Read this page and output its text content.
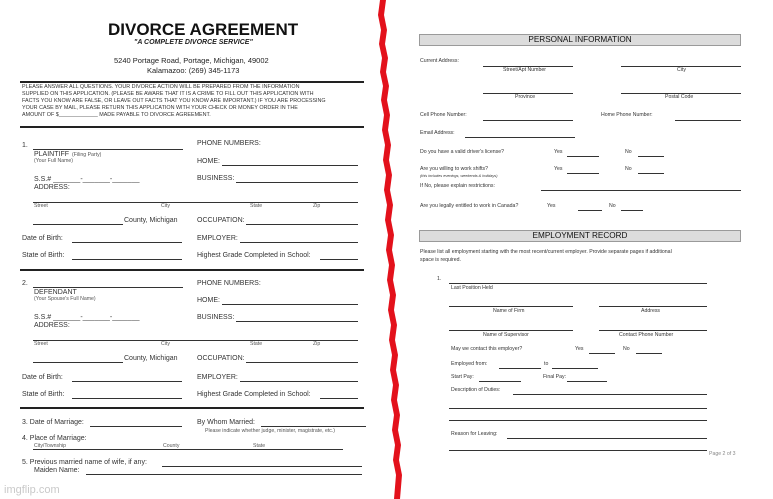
DIVORCE AGREEMENT
"A COMPLETE DIVORCE SERVICE"
5240 Portage Road, Portage, Michigan, 49002
Kalamazoo: (269) 345-1173
PLEASE ANSWER ALL QUESTIONS. YOUR DIVORCE ACTION WILL BE PREPARED FROM THE INFORMATION
SUPPLIED ON THIS APPLICATION. (PLEASE BE AWARE THAT IT IS A CRIME TO FILL OUT THIS APPLICATION WITH
FACTS YOU KNOW ARE FALSE, OR LEAVE OUT FACTS THAT YOU KNOW ARE IMPORTANT.) IF YOU ARE PROCESSING
YOUR CASE BY MAIL, PLEASE RETURN THIS APPLICATION WITH YOUR CHECK OR MONEY ORDER IN THE
AMOUNT OF $_____________ MADE PAYABLE TO DIVORCE AGREEMENT.
1.
PLAINTIFF (Filing Party)
(Your Full Name)
S.S.# _______-_______-_______
ADDRESS:
Street	City	State	Zip
County, Michigan
Date of Birth:
State of Birth:
PHONE NUMBERS:
HOME:
BUSINESS:
OCCUPATION:
EMPLOYER:
Highest Grade Completed in School:
2.
DEFENDANT
(Your Spouse's Full Name)
S.S.# _______-_______-_______
ADDRESS:
Street	City	State	Zip
County, Michigan
Date of Birth:
State of Birth:
PHONE NUMBERS:
HOME:
BUSINESS:
OCCUPATION:
EMPLOYER:
Highest Grade Completed in School:
3. Date of Marriage:	By Whom Married:
Please indicate whether judge, minister, magistrate, etc.)
4. Place of Marriage:
City/Township	County	State
5. Previous married name of wife, if any:
Maiden Name:
imgflip.com
PERSONAL INFORMATION
Current Address:
Street/Apt Number	City
Province	Postal Code
Cell Phone Number:	Home Phone Number:
Email Address:
Do you have a valid driver's license?	Yes	No
Are you willing to work shifts?
(this includes evenings, weekends & holidays)
Yes	No
If No, please explain restrictions:
Are you legally entitled to work in Canada?	Yes	No
EMPLOYMENT RECORD
Please list all employment starting with the most recent/current employer. Provide separate pages if additional
space is required.
1.
Last Position Held
Name of Firm	Address
Name of Supervisor	Contact Phone Number
May we contact this employer?	Yes	No
Employed from:	to
Start Pay:	Final Pay:
Description of Duties:
Reason for Leaving:
Page 2 of 3
